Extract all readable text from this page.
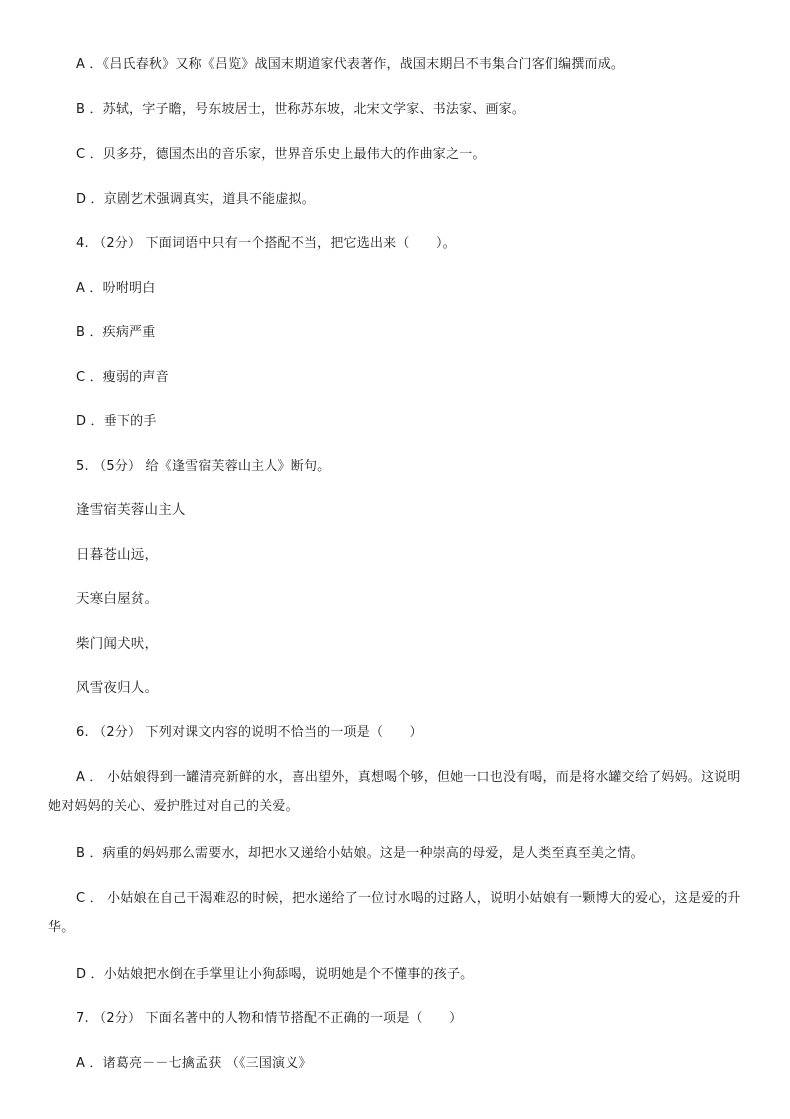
A ．《吕氏春秋》又称《吕览》战国末期道家代表著作，战国末期吕不韦集合门客们编撰而成。
B ．苏轼，字子瞻，号东坡居士，世称苏东坡，北宋文学家、书法家、画家。
C ．贝多芬，德国杰出的音乐家，世界音乐史上最伟大的作曲家之一。
D ．京剧艺术强调真实，道具不能虚拟。
4. （2分） 下面词语中只有一个搭配不当，把它选出来（　　）。
A ．吩咐明白
B ．疾病严重
C ．瘦弱的声音
D ．垂下的手
5. （5分） 给《逢雪宿芙蓉山主人》断句。
逢雪宿芙蓉山主人
日暮苍山远，
天寒白屋贫。
柴门闻犬吠，
风雪夜归人。
6. （2分） 下列对课文内容的说明不恰当的一项是（　　）
A ． 小姑娘得到一罐清亮新鲜的水，喜出望外，真想喝个够，但她一口也没有喝，而是将水罐交给了妈妈。这说明她对妈妈的关心、爱护胜过对自己的关爱。
B ．病重的妈妈那么需要水，却把水又递给小姑娘。这是一种崇高的母爱，是人类至真至美之情。
C ． 小姑娘在自己干渴难忍的时候，把水递给了一位讨水喝的过路人，说明小姑娘有一颗博大的爱心，这是爱的升华。
D ．小姑娘把水倒在手掌里让小狗舔喝，说明她是个不懂事的孩子。
7. （2分） 下面名著中的人物和情节搭配不正确的一项是（　　）
A ．诸葛亮－－七擒孟获 （《三国演义》
